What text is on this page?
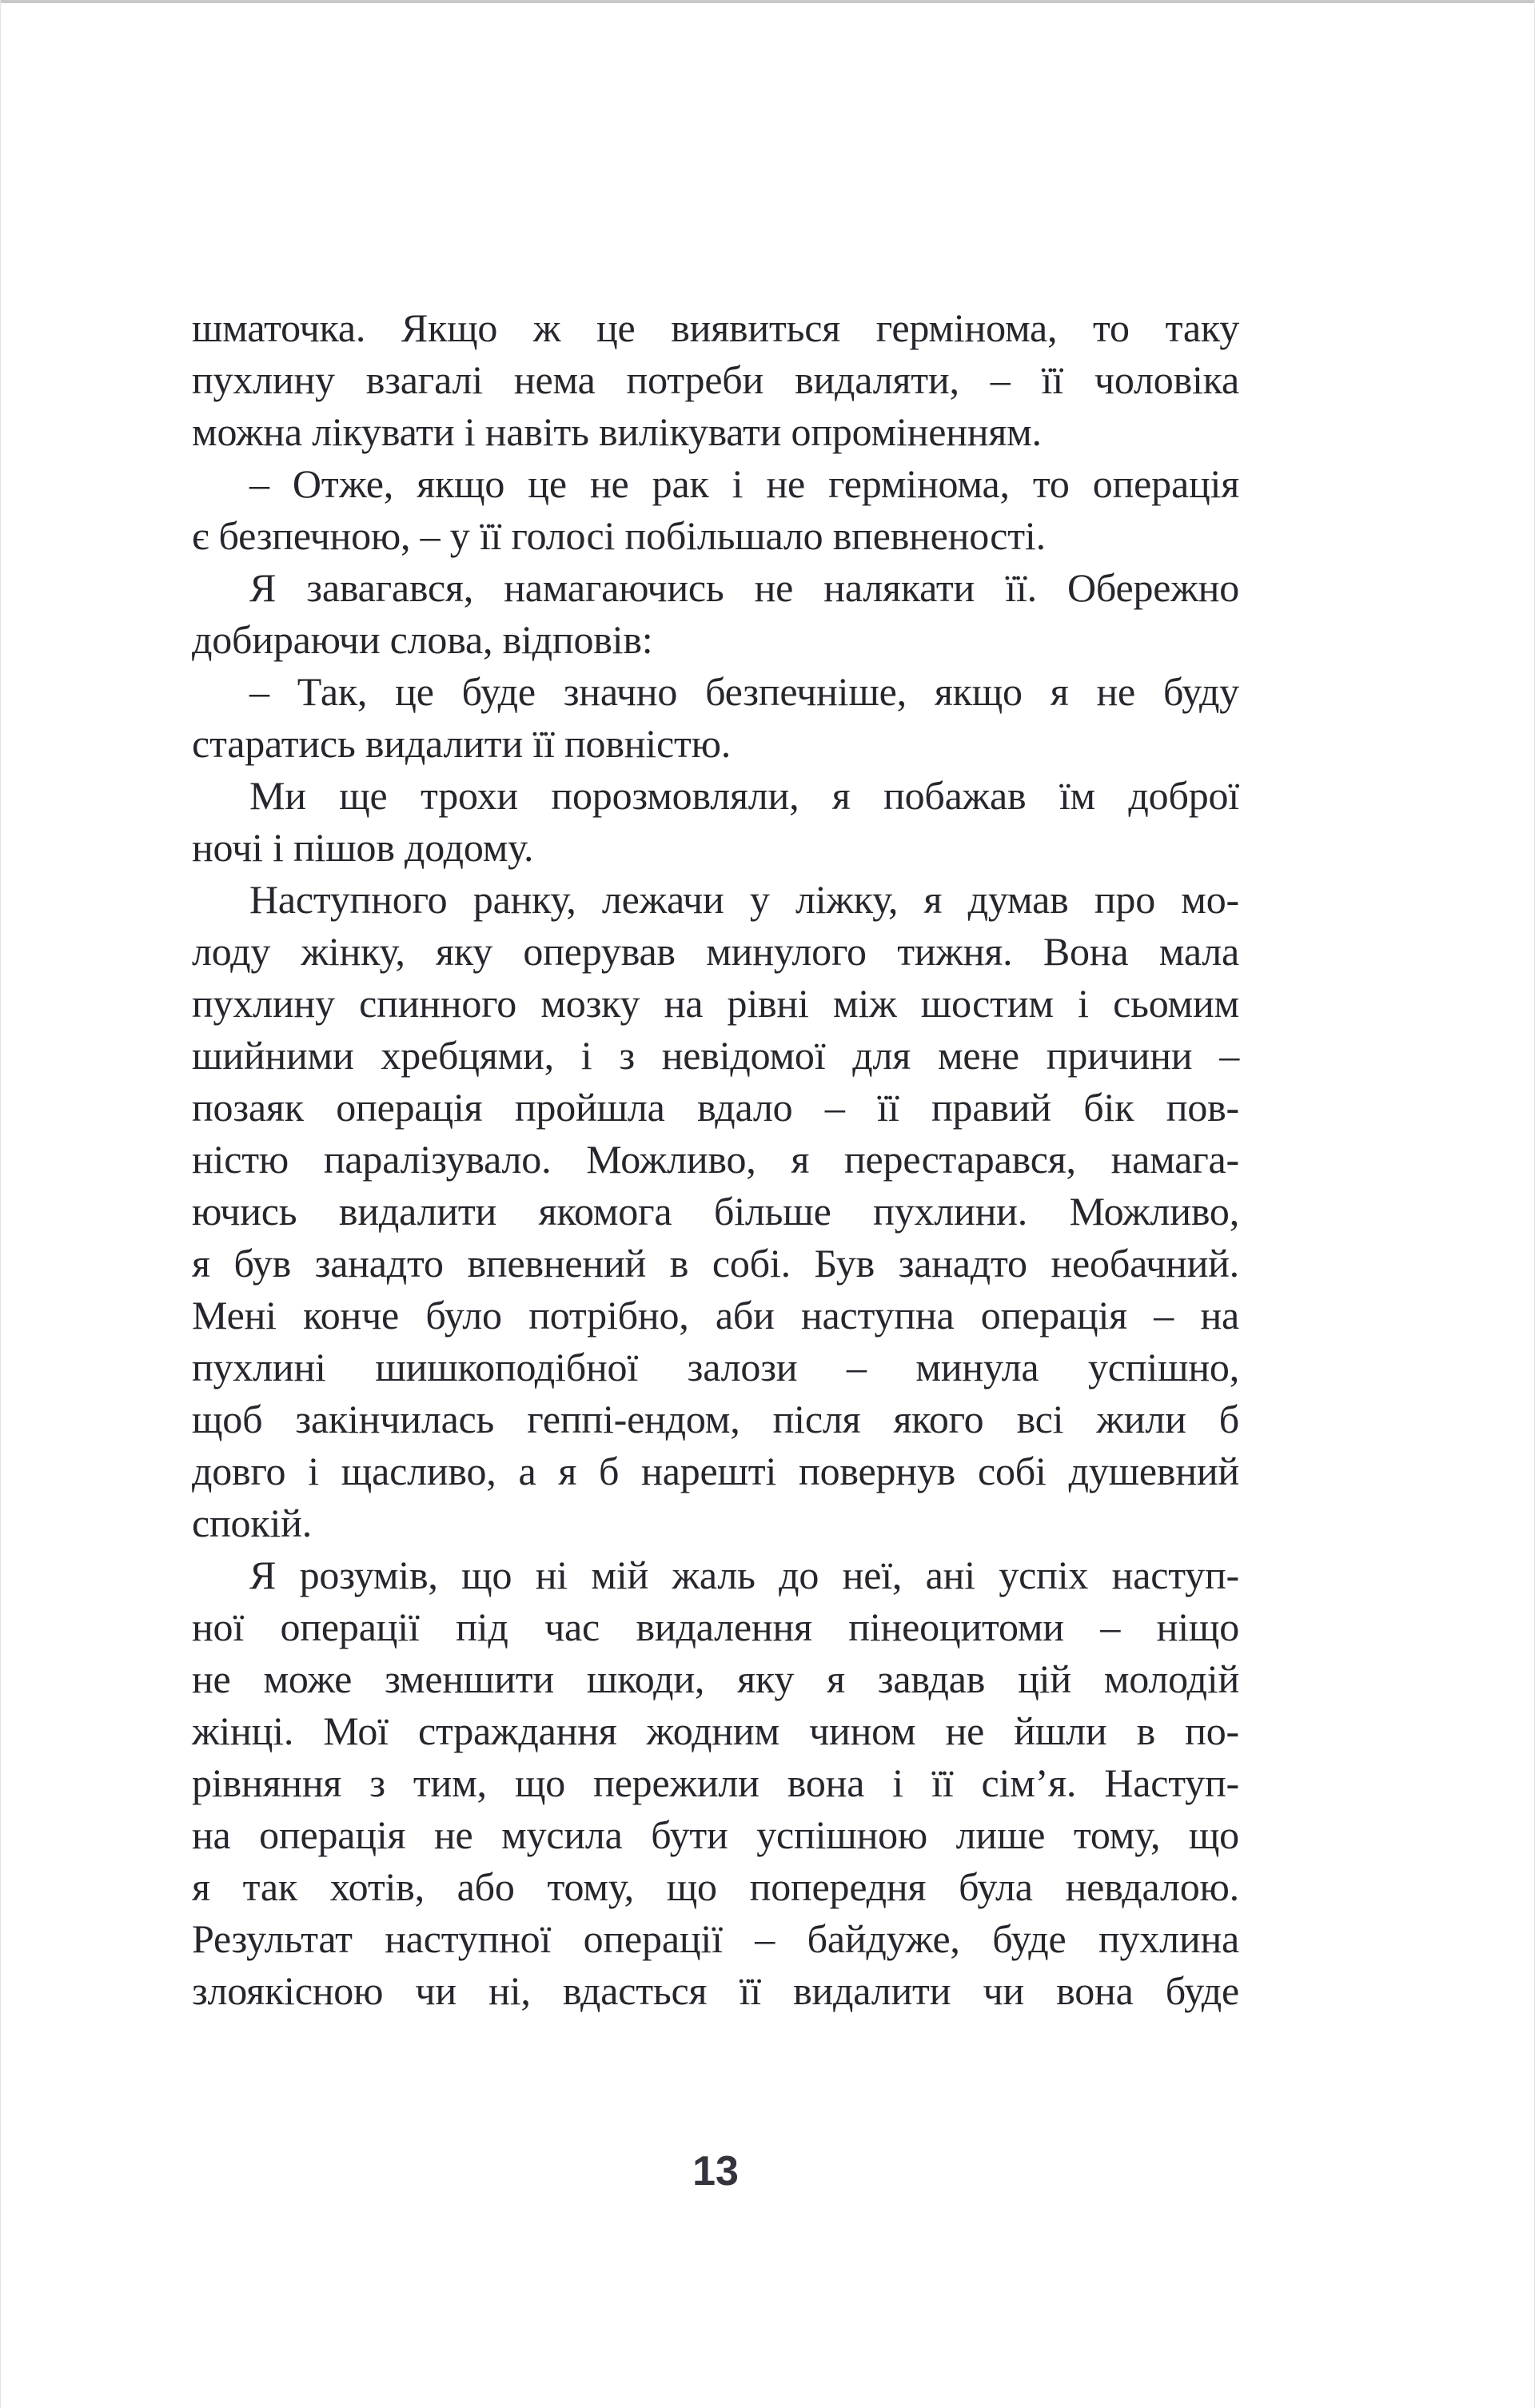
шматочка. Якщо ж це виявиться гермінома, то таку
пухлину взагалі нема потреби видаляти, – її чоловіка
можна лікувати і навіть вилікувати опроміненням.
– Отже, якщо це не рак і не гермінома, то операція
є безпечною, – у її голосі побільшало впевненості.
Я завагався, намагаючись не налякати її. Обережно
добираючи слова, відповів:
– Так, це буде значно безпечніше, якщо я не буду
старатись видалити її повністю.
Ми ще трохи порозмовляли, я побажав їм доброї
ночі і пішов додому.
Наступного ранку, лежачи у ліжку, я думав про мо-
лоду жінку, яку оперував минулого тижня. Вона мала
пухлину спинного мозку на рівні між шостим і сьомим
шийними хребцями, і з невідомої для мене причини –
позаяк операція пройшла вдало – її правий бік пов-
ністю паралізувало. Можливо, я перестарався, намага-
ючись видалити якомога більше пухлини. Можливо,
я був занадто впевнений в собі. Був занадто необачний.
Мені конче було потрібно, аби наступна операція – на
пухлині шишкоподібної залози – минула успішно,
щоб закінчилась геппі-ендом, після якого всі жили б
довго і щасливо, а я б нарешті повернув собі душевний
спокій.
Я розумів, що ні мій жаль до неї, ані успіх наступ-
ної операції під час видалення пінеоцитоми – ніщо
не може зменшити шкоди, яку я завдав цій молодій
жінці. Мої страждання жодним чином не йшли в по-
рівняння з тим, що пережили вона і її сім’я. Наступ-
на операція не мусила бути успішною лише тому, що
я так хотів, або тому, що попередня була невдалою.
Результат наступної операції – байдуже, буде пухлина
злоякісною чи ні, вдасться її видалити чи вона буде
13
